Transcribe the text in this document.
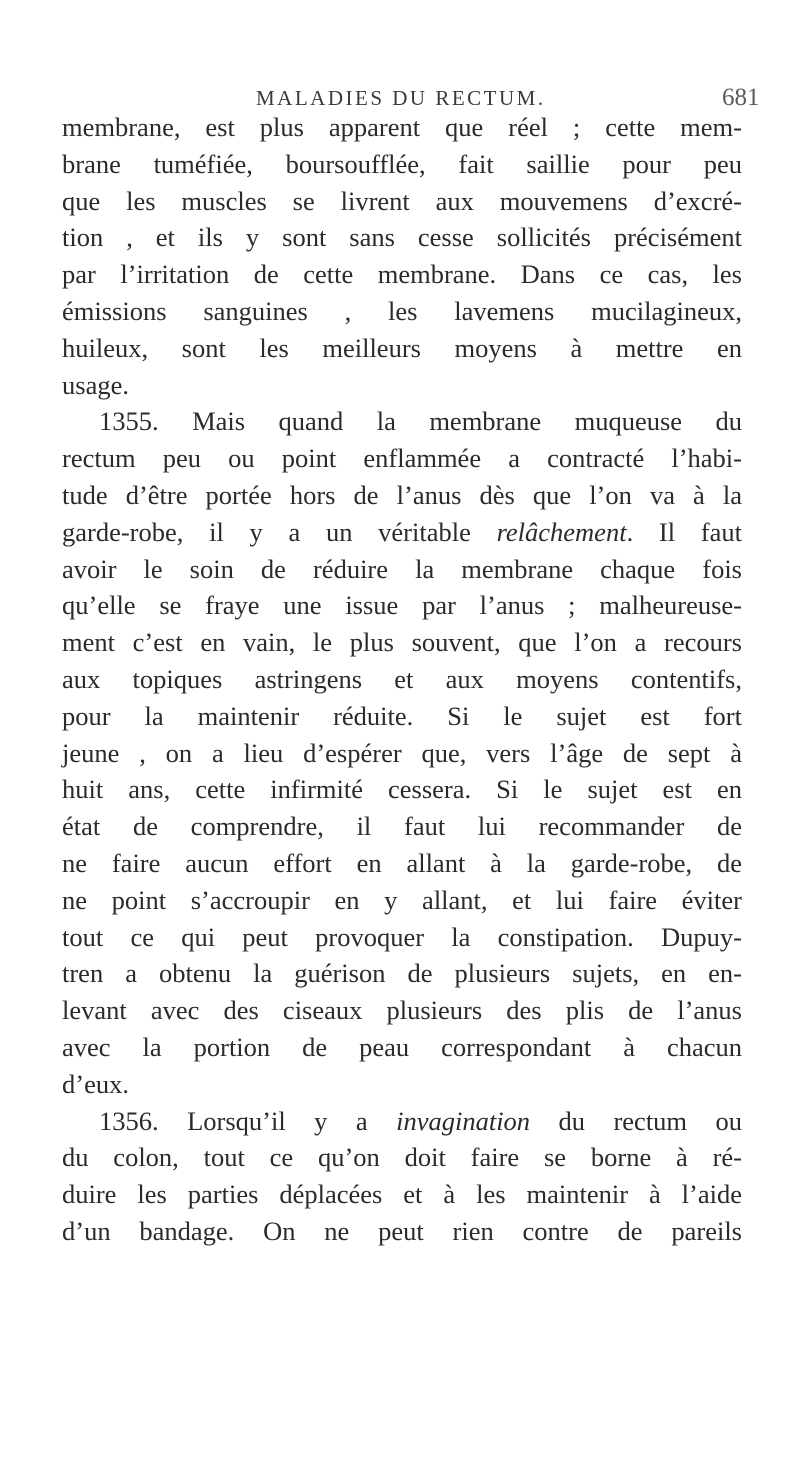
MALADIES DU RECTUM.	681
membrane, est plus apparent que réel ; cette mem-
brane tuméfiée, boursoufflée, fait saillie pour peu
que les muscles se livrent aux mouvemens d’excré-
tion , et ils y sont sans cesse sollicités précisément
par l’irritation de cette membrane. Dans ce cas, les
émissions sanguines , les lavemens mucilagineux,
huileux, sont les meilleurs moyens à mettre en
usage.
1355. Mais quand la membrane muqueuse du
rectum peu ou point enflammée a contracté l’habi-
tude d’être portée hors de l’anus dès que l’on va à la
garde-robe, il y a un véritable relâchement. Il faut
avoir le soin de réduire la membrane chaque fois
qu’elle se fraye une issue par l’anus ; malheureuse-
ment c’est en vain, le plus souvent, que l’on a recours
aux topiques astringens et aux moyens contentifs,
pour la maintenir réduite. Si le sujet est fort
jeune , on a lieu d’espérer que, vers l’âge de sept à
huit ans, cette infirmité cessera. Si le sujet est en
état de comprendre, il faut lui recommander de
ne faire aucun effort en allant à la garde-robe, de
ne point s’accroupir en y allant, et lui faire éviter
tout ce qui peut provoquer la constipation. Dupuy-
tren a obtenu la guérison de plusieurs sujets, en en-
levant avec des ciseaux plusieurs des plis de l’anus
avec la portion de peau correspondant à chacun
d’eux.
1356. Lorsqu’il y a invagination du rectum ou
du colon, tout ce qu’on doit faire se borne à ré-
duire les parties déplacées et à les maintenir à l’aide
d’un bandage. On ne peut rien contre de pareils
